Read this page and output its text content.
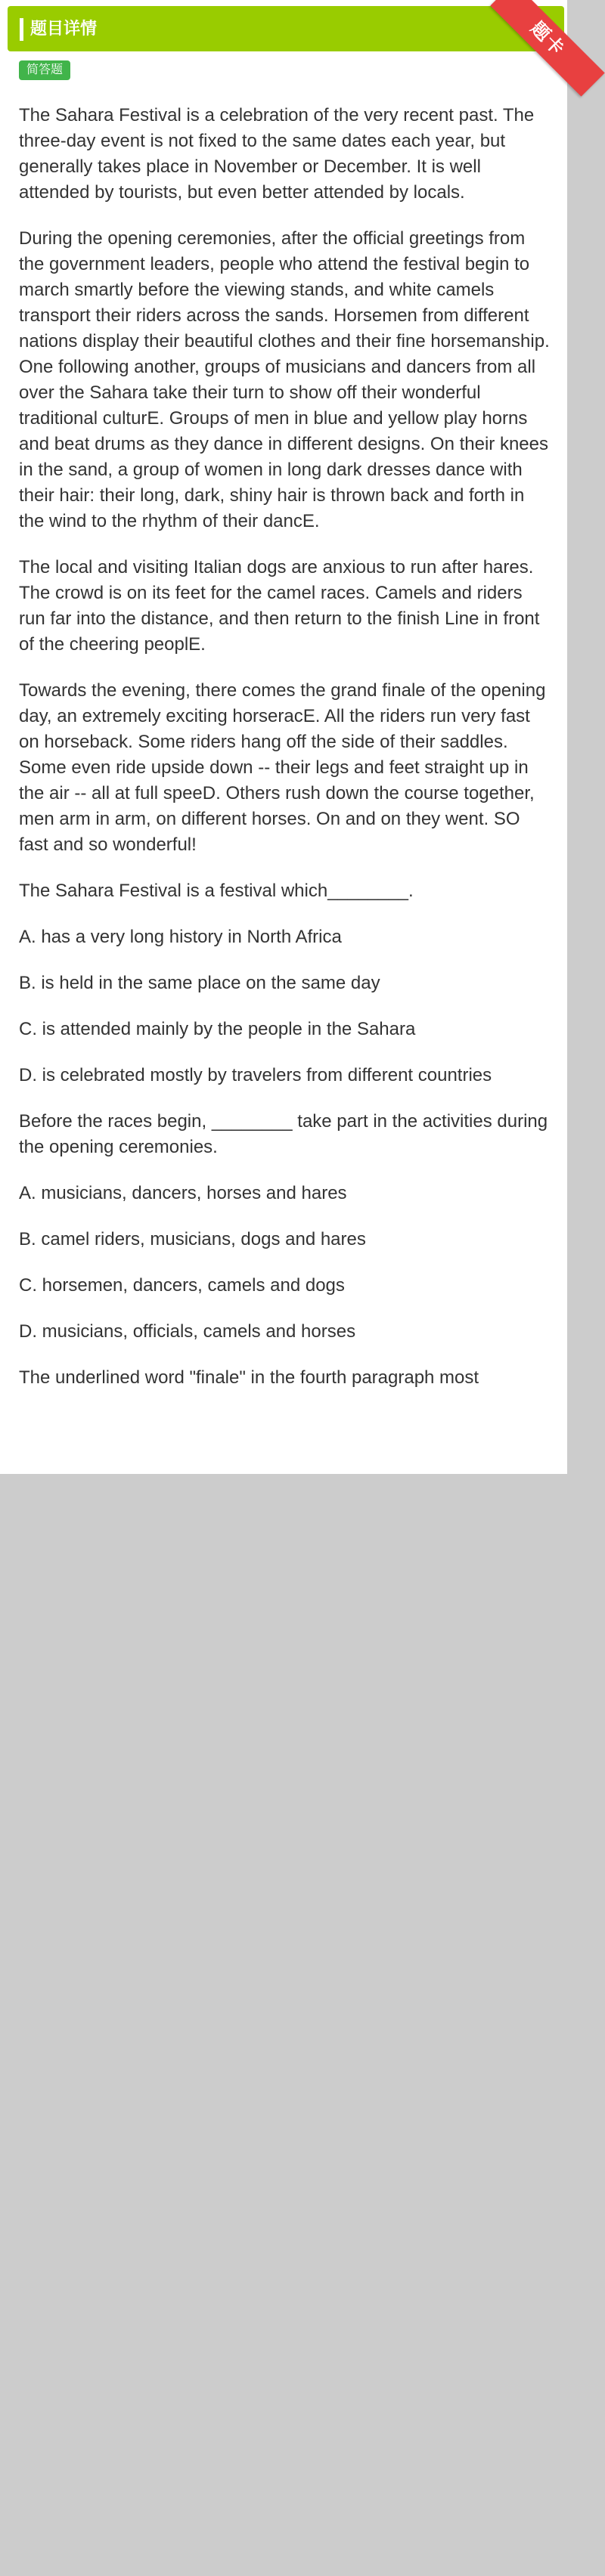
题目详情	题卡
简答题

The Sahara Festival is a celebration of the very recent past. The three-day event is not fixed to the same dates each year, but generally takes place in November or December. It is well attended by tourists, but even better attended by locals.

During the opening ceremonies, after the official greetings from the government leaders, people who attend the festival begin to march smartly before the viewing stands, and white camels transport their riders across the sands. Horsemen from different nations display their beautiful clothes and their fine horsemanship. One following another, groups of musicians and dancers from all over the Sahara take their turn to show off their wonderful traditional culturE. Groups of men in blue and yellow play horns and beat drums as they dance in different designs. On their knees in the sand, a group of women in long dark dresses dance with their hair: their long, dark, shiny hair is thrown back and forth in the wind to the rhythm of their dancE.

The local and visiting Italian dogs are anxious to run after hares. The crowd is on its feet for the camel races. Camels and riders run far into the distance, and then return to the finish Line in front of the cheering peoplE.

Towards the evening, there comes the grand finale of the opening day, an extremely exciting horseracE. All the riders run very fast on horseback. Some riders hang off the side of their saddles. Some even ride upside down -- their legs and feet straight up in the air -- all at full speeD. Others rush down the course together, men arm in arm, on different horses. On and on they went. SO fast and so wonderful!

The Sahara Festival is a festival which________.

A. has a very long history in North Africa

B. is held in the same place on the same day

C. is attended mainly by the people in the Sahara

D. is celebrated mostly by travelers from different countries

Before the races begin, ________ take part in the activities during the opening ceremonies.

A. musicians, dancers, horses and hares

B. camel riders, musicians, dogs and hares

C. horsemen, dancers, camels and dogs

D. musicians, officials, camels and horses

The underlined word "finale" in the fourth paragraph most
